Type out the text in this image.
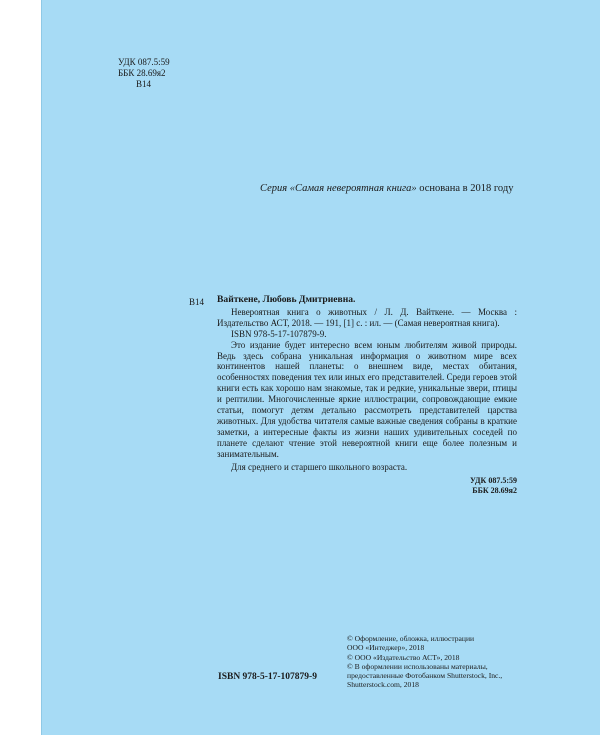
УДК 087.5:59
ББК 28.69я2
В14
Серия «Самая невероятная книга» основана в 2018 году
В14 Вайткене, Любовь Дмитриевна.

Невероятная книга о животных / Л. Д. Вайткене. — Москва : Издательство АСТ, 2018. — 191, [1] с. : ил. — (Самая невероятная книга).

ISBN 978-5-17-107879-9.

Это издание будет интересно всем юным любителям живой природы. Ведь здесь собрана уникальная информация о животном мире всех континентов нашей планеты: о внешнем виде, местах обитания, особенностях поведения тех или иных его представителей. Среди героев этой книги есть как хорошо нам знакомые, так и редкие, уникальные звери, птицы и рептилии. Многочисленные яркие иллюстрации, сопровождающие емкие статьи, помогут детям детально рассмотреть представителей царства животных. Для удобства читателя самые важные сведения собраны в краткие заметки, а интересные факты из жизни наших удивительных соседей по планете сделают чтение этой невероятной книги еще более полезным и занимательным.

Для среднего и старшего школьного возраста.

УДК 087.5:59
ББК 28.69я2
© Оформление, обложка, иллюстрации
ООО «Интеджер», 2018
© ООО «Издательство АСТ», 2018
© В оформлении использованы материалы,
предоставленные Фотобанком Shutterstock, Inc.,
Shutterstock.com, 2018
ISBN 978-5-17-107879-9
